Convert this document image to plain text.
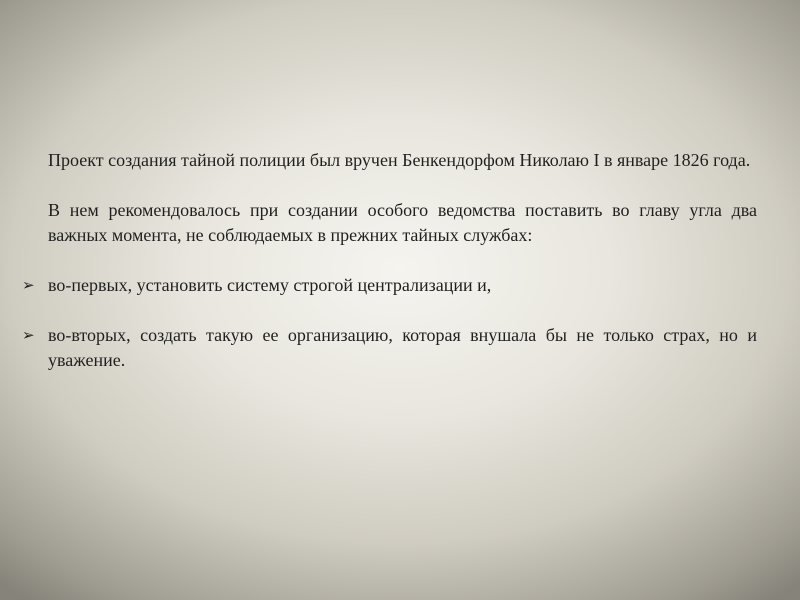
Проект создания тайной полиции был вручен Бенкендорфом Николаю I в январе 1826 года.

В нем рекомендовалось при создании особого ведомства поставить во главу угла два важных момента, не соблюдаемых в прежних тайных службах:

➢ во-первых, установить систему строгой централизации и,
➢ во-вторых, создать такую ее организацию, которая внушала бы не только страх, но и уважение.
